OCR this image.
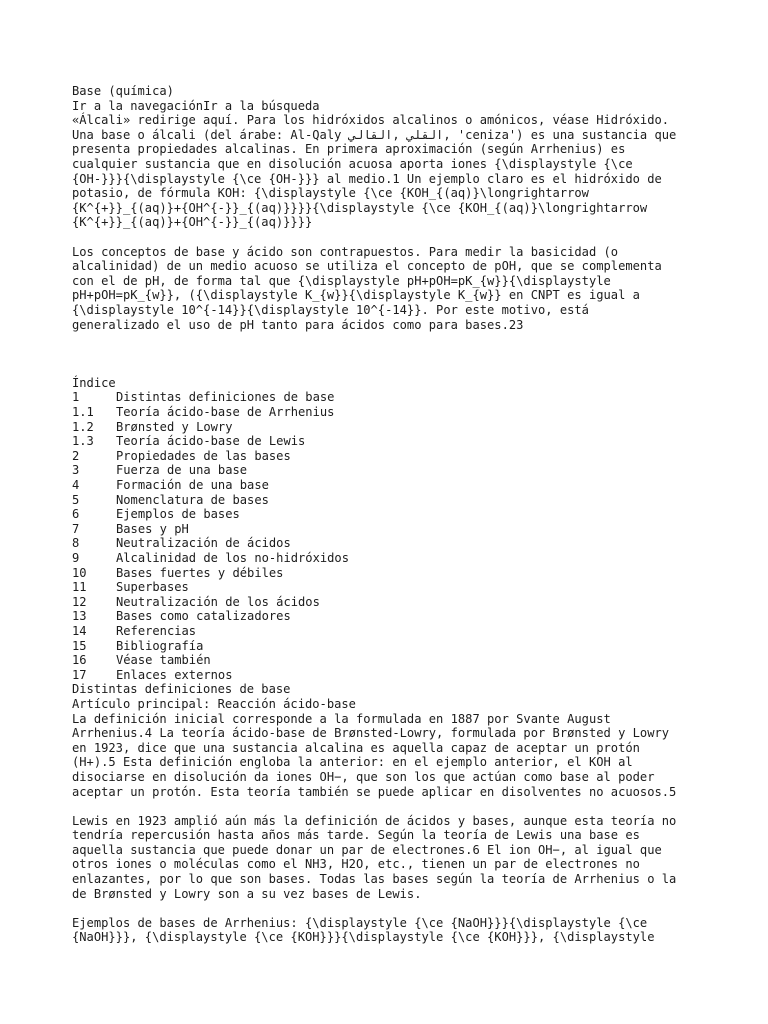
Base (química)
Ir a la navegaciónIr a la búsqueda
«Álcali» redirige aquí. Para los hidróxidos alcalinos o amónicos, véase Hidróxido.
Una base o álcali (del árabe: Al-Qaly القلي ,القالي, 'ceniza') es una sustancia que
presenta propiedades alcalinas. En primera aproximación (según Arrhenius) es
cualquier sustancia que en disolución acuosa aporta iones {\displaystyle {\ce
{OH-}}}{\displaystyle {\ce {OH-}}} al medio.1 Un ejemplo claro es el hidróxido de
potasio, de fórmula KOH: {\displaystyle {\ce {KOH_{(aq)}\longrightarrow
{K^{+}}_{(aq)}+{OH^{-}}_{(aq)}}}}{\displaystyle {\ce {KOH_{(aq)}\longrightarrow
{K^{+}}_{(aq)}+{OH^{-}}_{(aq)}}}}
Los conceptos de base y ácido son contrapuestos. Para medir la basicidad (o
alcalinidad) de un medio acuoso se utiliza el concepto de pOH, que se complementa
con el de pH, de forma tal que {\displaystyle pH+pOH=pK_{w}}{\displaystyle
pH+pOH=pK_{w}}, ({\displaystyle K_{w}}{\displaystyle K_{w}} en CNPT es igual a
{\displaystyle 10^{-14}}{\displaystyle 10^{-14}}. Por este motivo, está
generalizado el uso de pH tanto para ácidos como para bases.23
Índice
1	Distintas definiciones de base
1.1 Teoría ácido-base de Arrhenius
1.2 Brønsted y Lowry
1.3 Teoría ácido-base de Lewis
2	Propiedades de las bases
3	Fuerza de una base
4	Formación de una base
5	Nomenclatura de bases
6	Ejemplos de bases
7	Bases y pH
8	Neutralización de ácidos
9	Alcalinidad de los no-hidróxidos
10 Bases fuertes y débiles
11 Superbases
12 Neutralización de los ácidos
13 Bases como catalizadores
14 Referencias
15 Bibliografía
16 Véase también
17 Enlaces externos
Distintas definiciones de base
Artículo principal: Reacción ácido-base
La definición inicial corresponde a la formulada en 1887 por Svante August
Arrhenius.4 La teoría ácido-base de Brønsted-Lowry, formulada por Brønsted y Lowry
en 1923, dice que una sustancia alcalina es aquella capaz de aceptar un protón
(H+).5 Esta definición engloba la anterior: en el ejemplo anterior, el KOH al
disociarse en disolución da iones OH−, que son los que actúan como base al poder
aceptar un protón. Esta teoría también se puede aplicar en disolventes no acuosos.5
Lewis en 1923 amplió aún más la definición de ácidos y bases, aunque esta teoría no
tendría repercusión hasta años más tarde. Según la teoría de Lewis una base es
aquella sustancia que puede donar un par de electrones.6 El ion OH−, al igual que
otros iones o moléculas como el NH3, H2O, etc., tienen un par de electrones no
enlazantes, por lo que son bases. Todas las bases según la teoría de Arrhenius o la
de Brønsted y Lowry son a su vez bases de Lewis.
Ejemplos de bases de Arrhenius: {\displaystyle {\ce {NaOH}}}{\displaystyle {\ce
{NaOH}}}, {\displaystyle {\ce {KOH}}}{\displaystyle {\ce {KOH}}}, {\displaystyle
